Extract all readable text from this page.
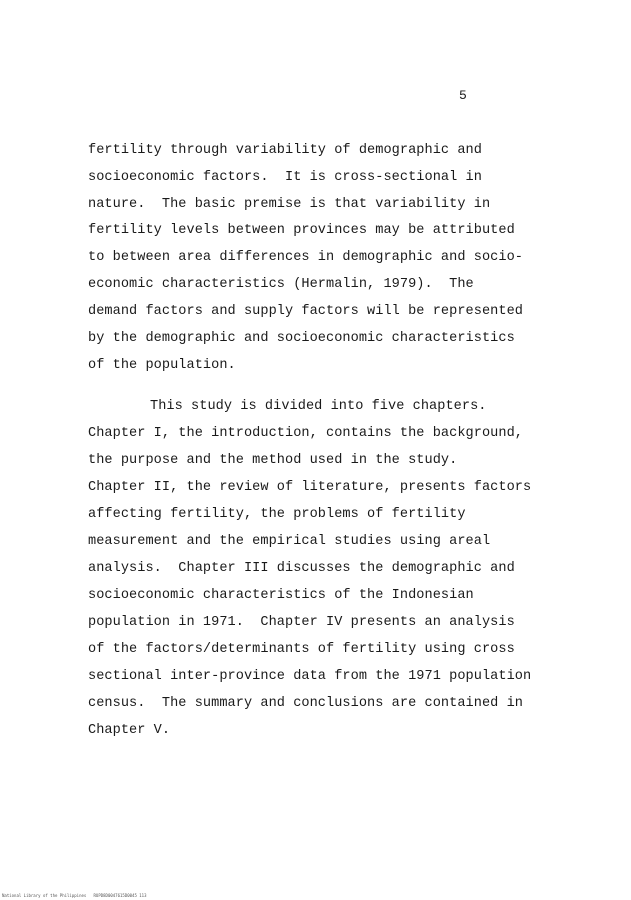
5
fertility through variability of demographic and
socioeconomic factors.  It is cross-sectional in
nature.  The basic premise is that variability in
fertility levels between provinces may be attributed
to between area differences in demographic and socio-
economic characteristics (Hermalin, 1979).  The
demand factors and supply factors will be represented
by the demographic and socioeconomic characteristics
of the population.
This study is divided into five chapters.
Chapter I, the introduction, contains the background,
the purpose and the method used in the study.
Chapter II, the review of literature, presents factors
affecting fertility, the problems of fertility
measurement and the empirical studies using areal
analysis.  Chapter III discusses the demographic and
socioeconomic characteristics of the Indonesian
population in 1971.  Chapter IV presents an analysis
of the factors/determinants of fertility using cross
sectional inter-province data from the 1971 population
census.  The summary and conclusions are contained in
Chapter V.
National Library of the Philippines   RUPD8D0047615D0045 113
